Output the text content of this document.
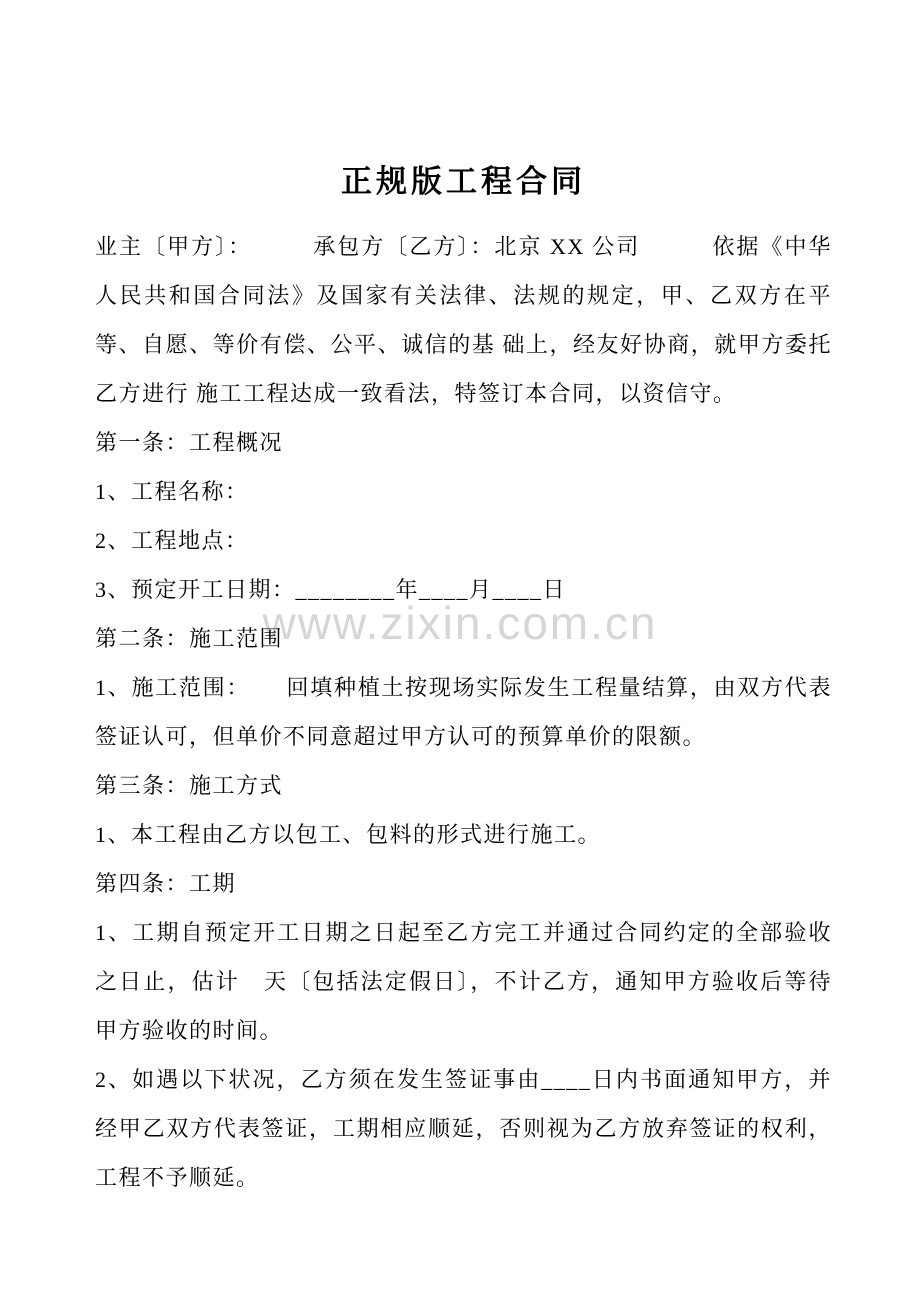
www.zixin.com.cn
正规版工程合同

业主〔甲方〕：　　　承包方〔乙方〕：北京 XX 公司　　　依据《中华人民共和国合同法》及国家有关法律、法规的规定，甲、乙双方在平等、自愿、等价有偿、公平、诚信的基 础上，经友好协商，就甲方委托乙方进行 施工工程达成一致看法，特签订本合同，以资信守。

第一条：工程概况

1、工程名称：

2、工程地点：

3、预定开工日期：________年____月____日

第二条：施工范围

1、施工范围：　　回填种植土按现场实际发生工程量结算，由双方代表签证认可，但单价不同意超过甲方认可的预算单价的限额。

第三条：施工方式

1、本工程由乙方以包工、包料的形式进行施工。

第四条：工期

1、工期自预定开工日期之日起至乙方完工并通过合同约定的全部验收之日止，估计　天〔包括法定假日〕，不计乙方，通知甲方验收后等待甲方验收的时间。

2、如遇以下状况，乙方须在发生签证事由____日内书面通知甲方，并经甲乙双方代表签证，工期相应顺延，否则视为乙方放弃签证的权利，工程不予顺延。
